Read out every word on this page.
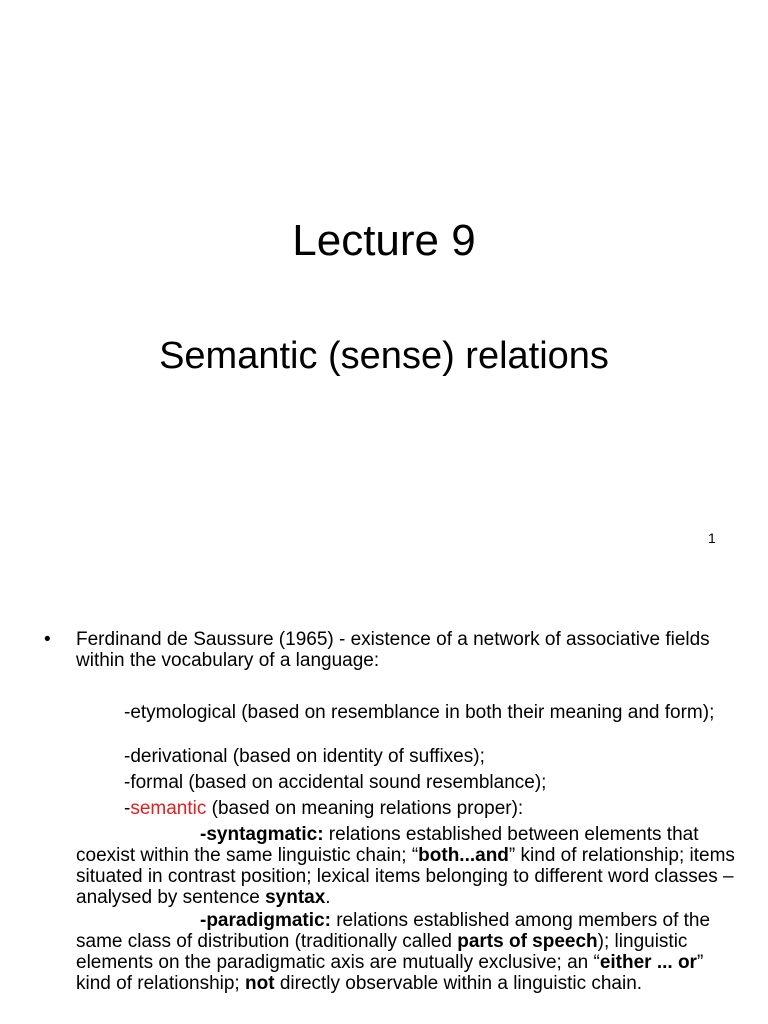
Lecture 9
Semantic (sense) relations
1
• Ferdinand de Saussure (1965) - existence of a network of associative fields within the vocabulary of a language:
-etymological (based on resemblance in both their meaning and form);
-derivational (based on identity of suffixes);
-formal (based on accidental sound resemblance);
-semantic (based on meaning relations proper):
-syntagmatic: relations established between elements that coexist within the same linguistic chain; “both...and” kind of relationship; items situated in contrast position; lexical items belonging to different word classes – analysed by sentence syntax.
-paradigmatic: relations established among members of the same class of distribution (traditionally called parts of speech); linguistic elements on the paradigmatic axis are mutually exclusive; an “either ... or” kind of relationship; not directly observable within a linguistic chain.
